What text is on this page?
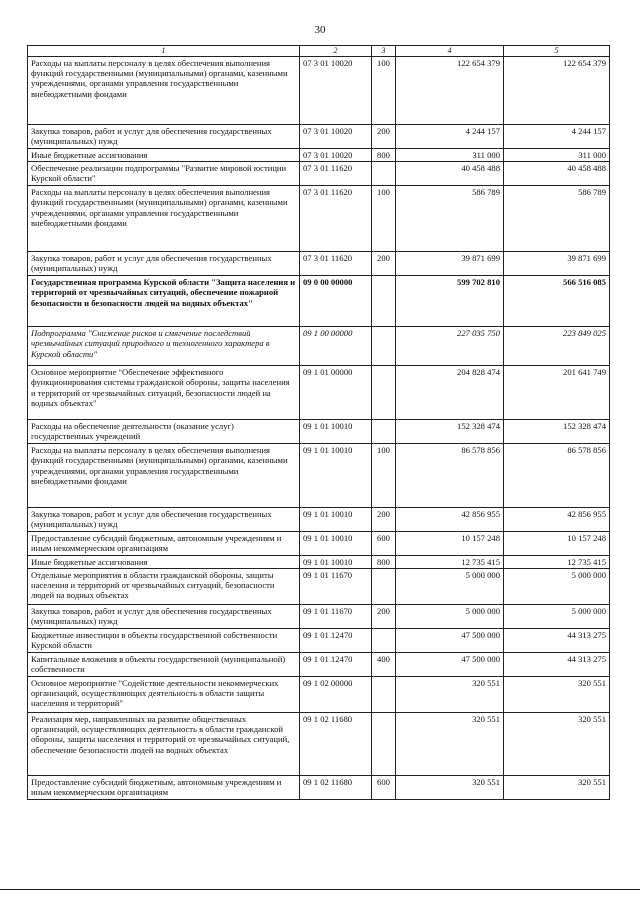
30
1	2	3	4	5
Расходы на выплаты персоналу в целях обеспечения выполнения функций государственными (муниципальными) органами, казенными учреждениями, органами управления государственными внебюджетными фондами	07 3 01 10020	100	122 654 379	122 654 379
Закупка товаров, работ и услуг для обеспечения государственных (муниципальных) нужд	07 3 01 10020	200	4 244 157	4 244 157
Иные бюджетные ассигнования	07 3 01 10020	800	311 000	311 000
Обеспечение реализации подпрограммы "Развитие мировой юстиции Курской области"	07 3 01 11620		40 458 488	40 458 488
Расходы на выплаты персоналу в целях обеспечения выполнения функций государственными (муниципальными) органами, казенными учреждениями, органами управления государственными внебюджетными фондами	07 3 01 11620	100	586 789	586 789
Закупка товаров, работ и услуг для обеспечения государственных (муниципальных) нужд	07 3 01 11620	200	39 871 699	39 871 699
Государственная программа Курской области "Защита населения и территорий от чрезвычайных ситуаций, обеспечение пожарной безопасности и безопасности людей на водных объектах"	09 0 00 00000		599 702 810	566 516 085
Подпрограмма "Снижение рисков и смягчение последствий чрезвычайных ситуаций природного и техногенного характера в Курской области"	09 1 00 00000		227 035 750	223 849 025
Основное мероприятие "Обеспечение эффективного функционирования системы гражданской обороны, защиты населения и территорий от чрезвычайных ситуаций, безопасности людей на водных объектах"	09 1 01 00000		204 828 474	201 641 749
Расходы на обеспечение деятельности (оказание услуг) государственных учреждений	09 1 01 10010		152 328 474	152 328 474
Расходы на выплаты персоналу в целях обеспечения выполнения функций государственными (муниципальными) органами, казенными учреждениями, органами управления государственными внебюджетными фондами	09 1 01 10010	100	86 578 856	86 578 856
Закупка товаров, работ и услуг для обеспечения государственных (муниципальных) нужд	09 1 01 10010	200	42 856 955	42 856 955
Предоставление субсидий бюджетным, автономным учреждениям и иным некоммерческим организациям	09 1 01 10010	600	10 157 248	10 157 248
Иные бюджетные ассигнования	09 1 01 10010	800	12 735 415	12 735 415
Отдельные мероприятия в области гражданской обороны, защиты населения и территорий от чрезвычайных ситуаций, безопасности людей на водных объектах	09 1 01 11670		5 000 000	5 000 000
Закупка товаров, работ и услуг для обеспечения государственных (муниципальных) нужд	09 1 01 11670	200	5 000 000	5 000 000
Бюджетные инвестиции в объекты государственной собственности Курской области	09 1 01 12470		47 500 000	44 313 275
Капитальные вложения в объекты государственной (муниципальной) собственности	09 1 01 12470	400	47 500 000	44 313 275
Основное мероприятие "Содействие деятельности некоммерческих организаций, осуществляющих деятельность в области защиты населения и территорий"	09 1 02 00000		320 551	320 551
Реализация мер, направленных на развитие общественных организаций, осуществляющих деятельность в области гражданской обороны, защиты населения и территорий от чрезвычайных ситуаций, обеспечение безопасности людей на водных объектах	09 1 02 11680		320 551	320 551
Предоставление субсидий бюджетным, автономным учреждениям и иным некоммерческим организациям	09 1 02 11680	600	320 551	320 551
